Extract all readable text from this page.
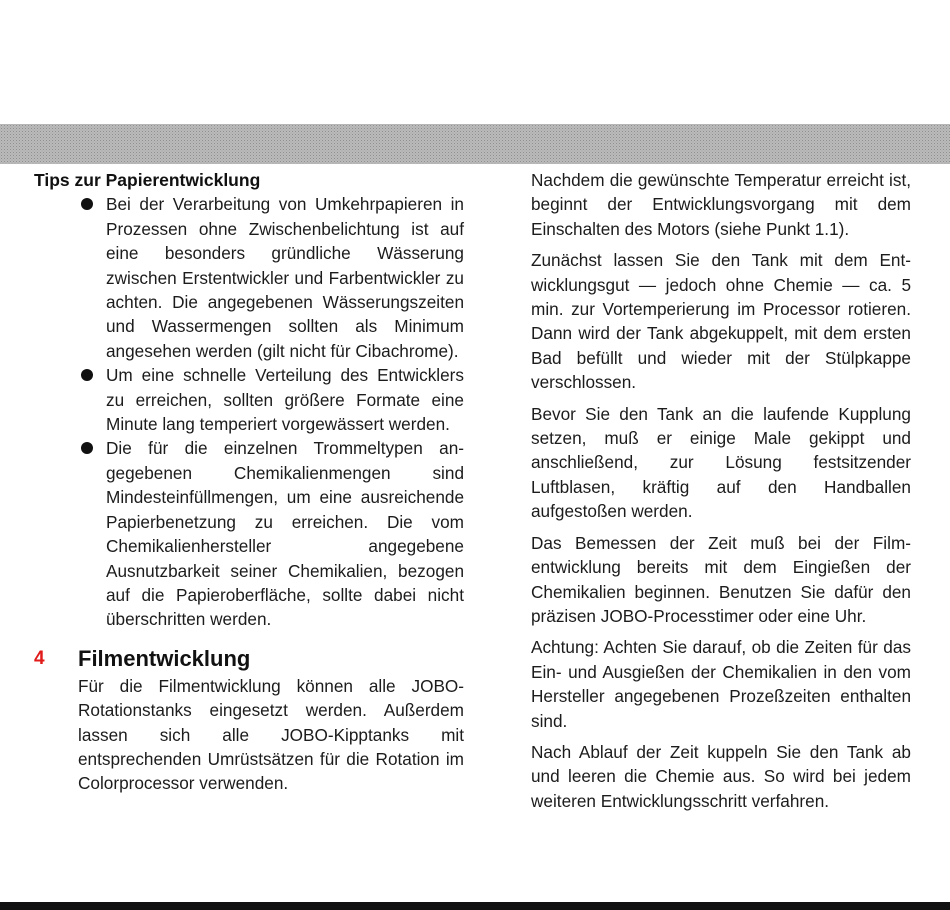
Tips zur Papierentwicklung

Bei der Verarbeitung von Umkehrpapieren in Prozessen ohne Zwischenbelichtung ist auf eine besonders gründliche Wässerung zwischen Erstentwickler und Farbentwickler zu achten. Die angegebenen Wässerungszeiten und Wassermengen sollten als Minimum angesehen werden (gilt nicht für Cibachrome).

Um eine schnelle Verteilung des Entwicklers zu erreichen, sollten größere Formate eine Minute lang temperiert vorgewässert werden.

Die für die einzelnen Trommeltypen angegebenen Chemikalienmengen sind Mindesteinfüllmengen, um eine ausreichende Papierbenetzung zu erreichen. Die vom Chemikalienhersteller angegebene Ausnutzbarkeit seiner Chemikalien, bezogen auf die Papieroberfläche, sollte dabei nicht überschritten werden.

4 Filmentwicklung

Für die Filmentwicklung können alle JOBO-Rotationstanks eingesetzt werden. Außerdem lassen sich alle JOBO-Kipptanks mit entsprechenden Umrüstsätzen für die Rotation im Colorprocessor verwenden.

Nachdem die gewünschte Temperatur erreicht ist, beginnt der Entwicklungsvorgang mit dem Einschalten des Motors (siehe Punkt 1.1).

Zunächst lassen Sie den Tank mit dem Entwicklungsgut — jedoch ohne Chemie — ca. 5 min. zur Vortemperierung im Processor rotieren. Dann wird der Tank abgekuppelt, mit dem ersten Bad befüllt und wieder mit der Stülpkappe verschlossen.

Bevor Sie den Tank an die laufende Kupplung setzen, muß er einige Male gekippt und anschließend, zur Lösung festsitzender Luftblasen, kräftig auf den Handballen aufgestoßen werden.

Das Bemessen der Zeit muß bei der Filmentwicklung bereits mit dem Eingießen der Chemikalien beginnen. Benutzen Sie dafür den präzisen JOBO-Processtimer oder eine Uhr.

Achtung: Achten Sie darauf, ob die Zeiten für das Ein- und Ausgießen der Chemikalien in den vom Hersteller angegebenen Prozeßzeiten enthalten sind.

Nach Ablauf der Zeit kuppeln Sie den Tank ab und leeren die Chemie aus. So wird bei jedem weiteren Entwicklungsschritt verfahren.
